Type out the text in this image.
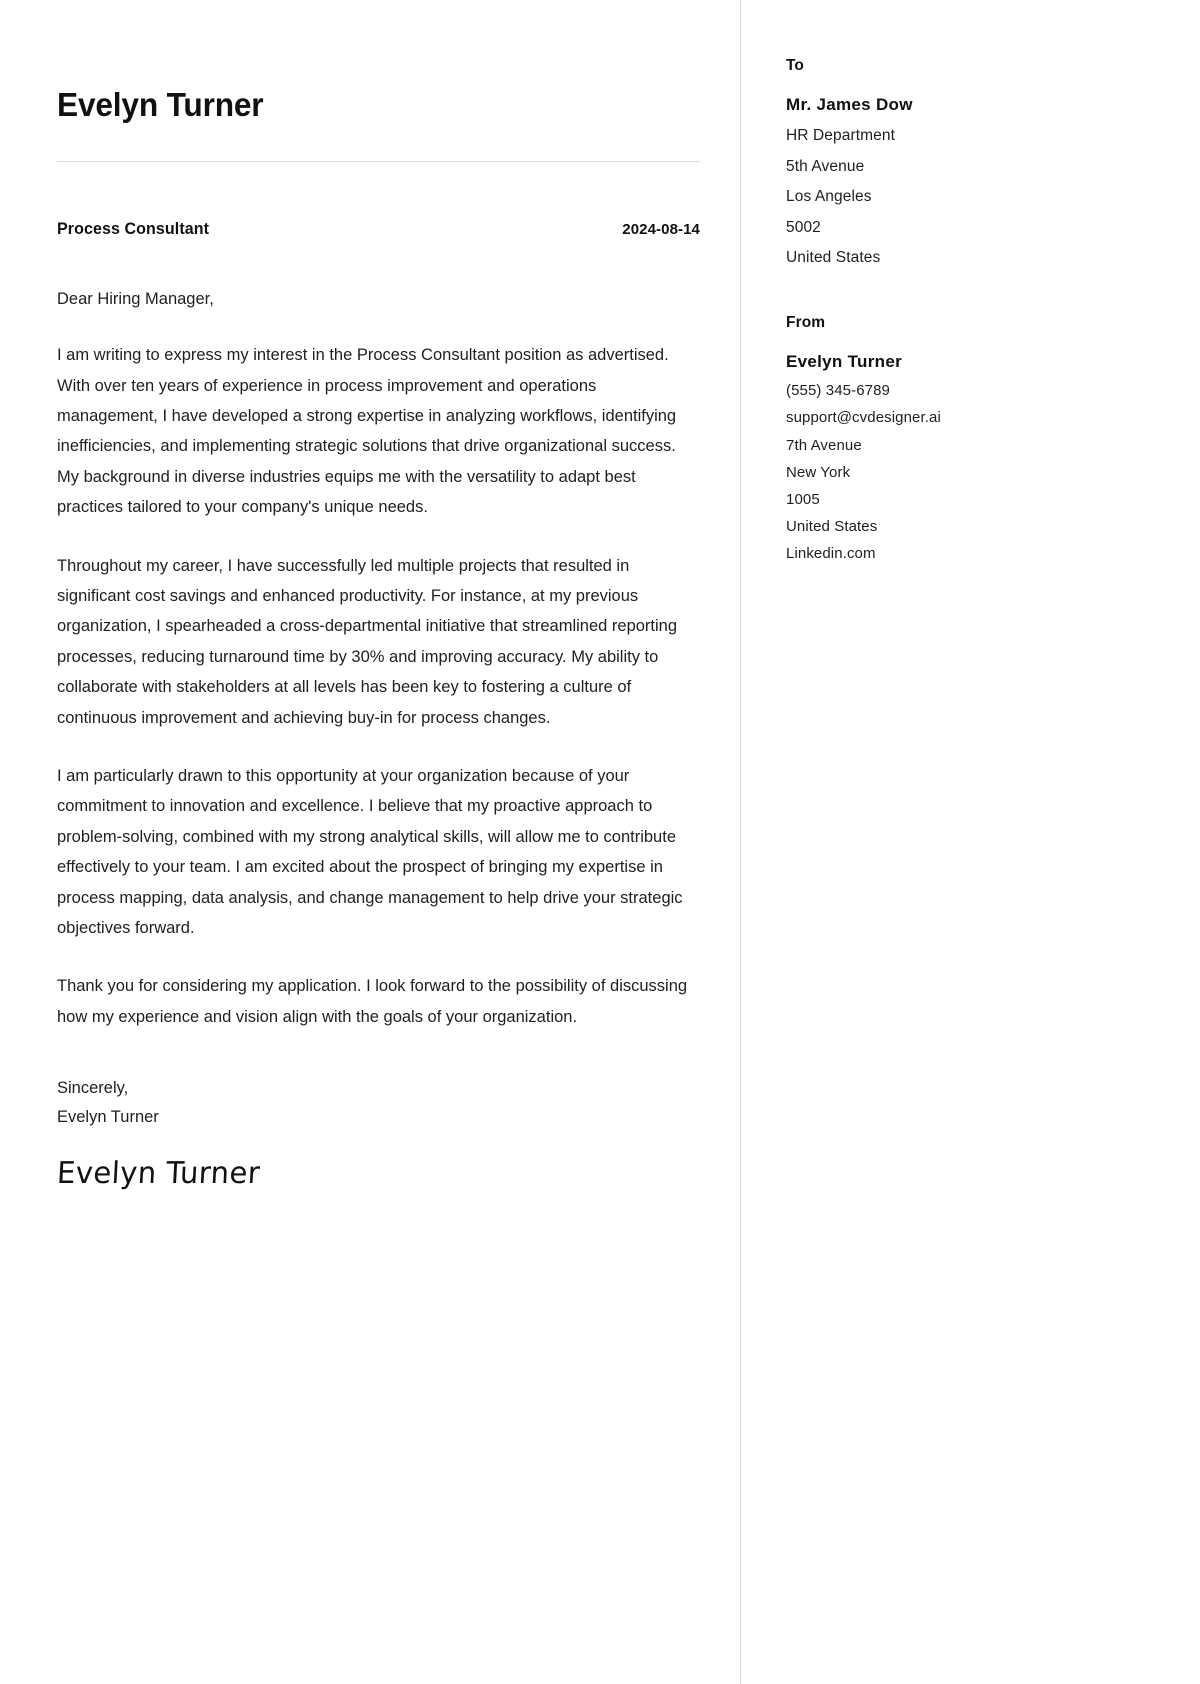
Evelyn Turner
Process Consultant	2024-08-14
Dear Hiring Manager,

I am writing to express my interest in the Process Consultant position as advertised. With over ten years of experience in process improvement and operations management, I have developed a strong expertise in analyzing workflows, identifying inefficiencies, and implementing strategic solutions that drive organizational success. My background in diverse industries equips me with the versatility to adapt best practices tailored to your company's unique needs.

Throughout my career, I have successfully led multiple projects that resulted in significant cost savings and enhanced productivity. For instance, at my previous organization, I spearheaded a cross-departmental initiative that streamlined reporting processes, reducing turnaround time by 30% and improving accuracy. My ability to collaborate with stakeholders at all levels has been key to fostering a culture of continuous improvement and achieving buy-in for process changes.

I am particularly drawn to this opportunity at your organization because of your commitment to innovation and excellence. I believe that my proactive approach to problem-solving, combined with my strong analytical skills, will allow me to contribute effectively to your team. I am excited about the prospect of bringing my expertise in process mapping, data analysis, and change management to help drive your strategic objectives forward.

Thank you for considering my application. I look forward to the possibility of discussing how my experience and vision align with the goals of your organization.

Sincerely,
Evelyn Turner
Evelyn Turner
To
Mr. James Dow
HR Department
5th Avenue
Los Angeles
5002
United States
From
Evelyn Turner
(555) 345-6789
support@cvdesigner.ai
7th Avenue
New York
1005
United States
Linkedin.com
